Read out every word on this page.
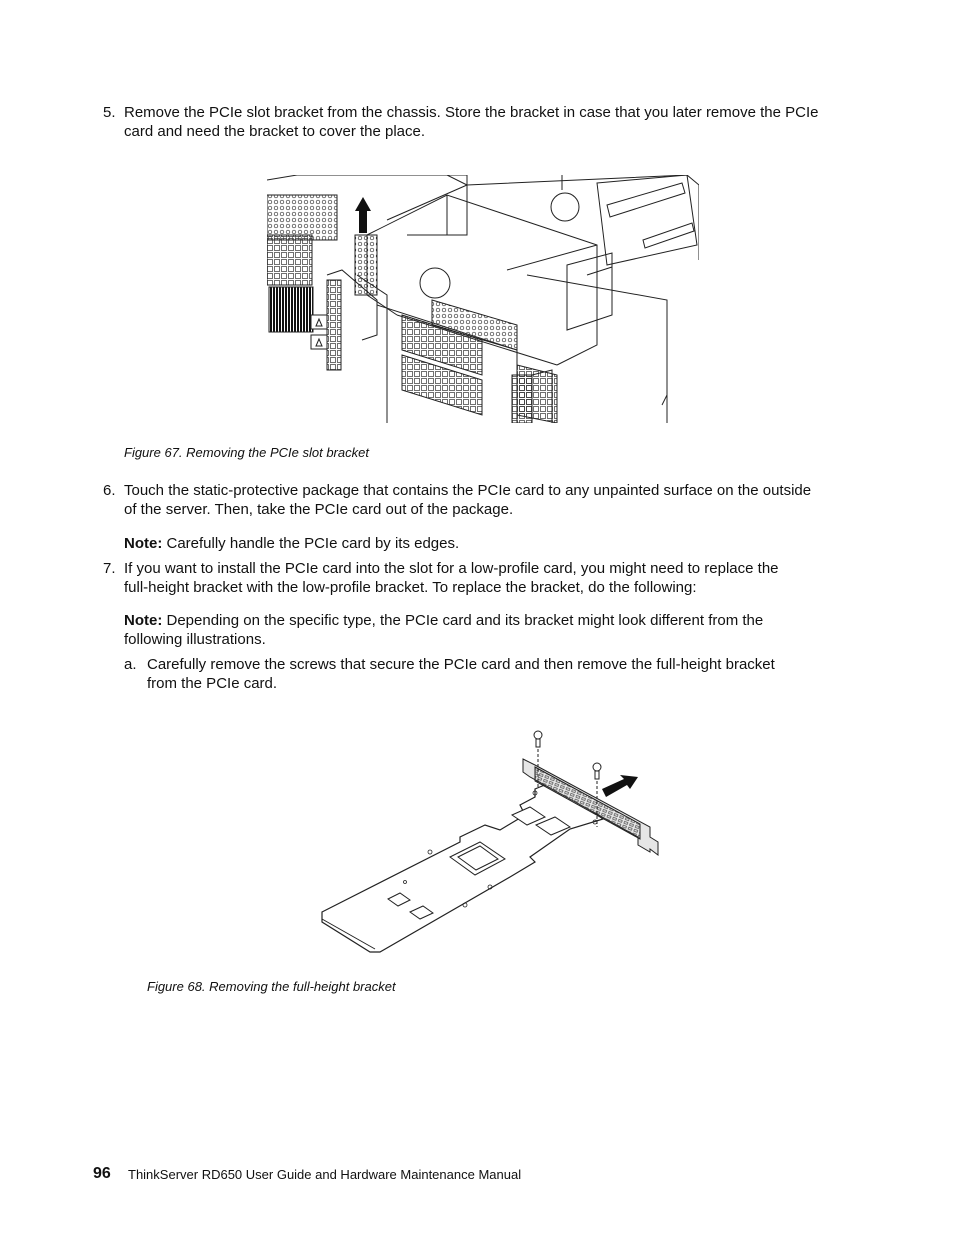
5. Remove the PCIe slot bracket from the chassis. Store the bracket in case that you later remove the PCIe
card and need the bracket to cover the place.
Figure 67. Removing the PCIe slot bracket
6. Touch the static-protective package that contains the PCIe card to any unpainted surface on the outside
of the server. Then, take the PCIe card out of the package.
Note: Carefully handle the PCIe card by its edges.
7. If you want to install the PCIe card into the slot for a low-profile card, you might need to replace the
full-height bracket with the low-profile bracket. To replace the bracket, do the following:
Note: Depending on the specific type, the PCIe card and its bracket might look different from the
following illustrations.
a. Carefully remove the screws that secure the PCIe card and then remove the full-height bracket
from the PCIe card.
Figure 68. Removing the full-height bracket
96 ThinkServer RD650 User Guide and Hardware Maintenance Manual
